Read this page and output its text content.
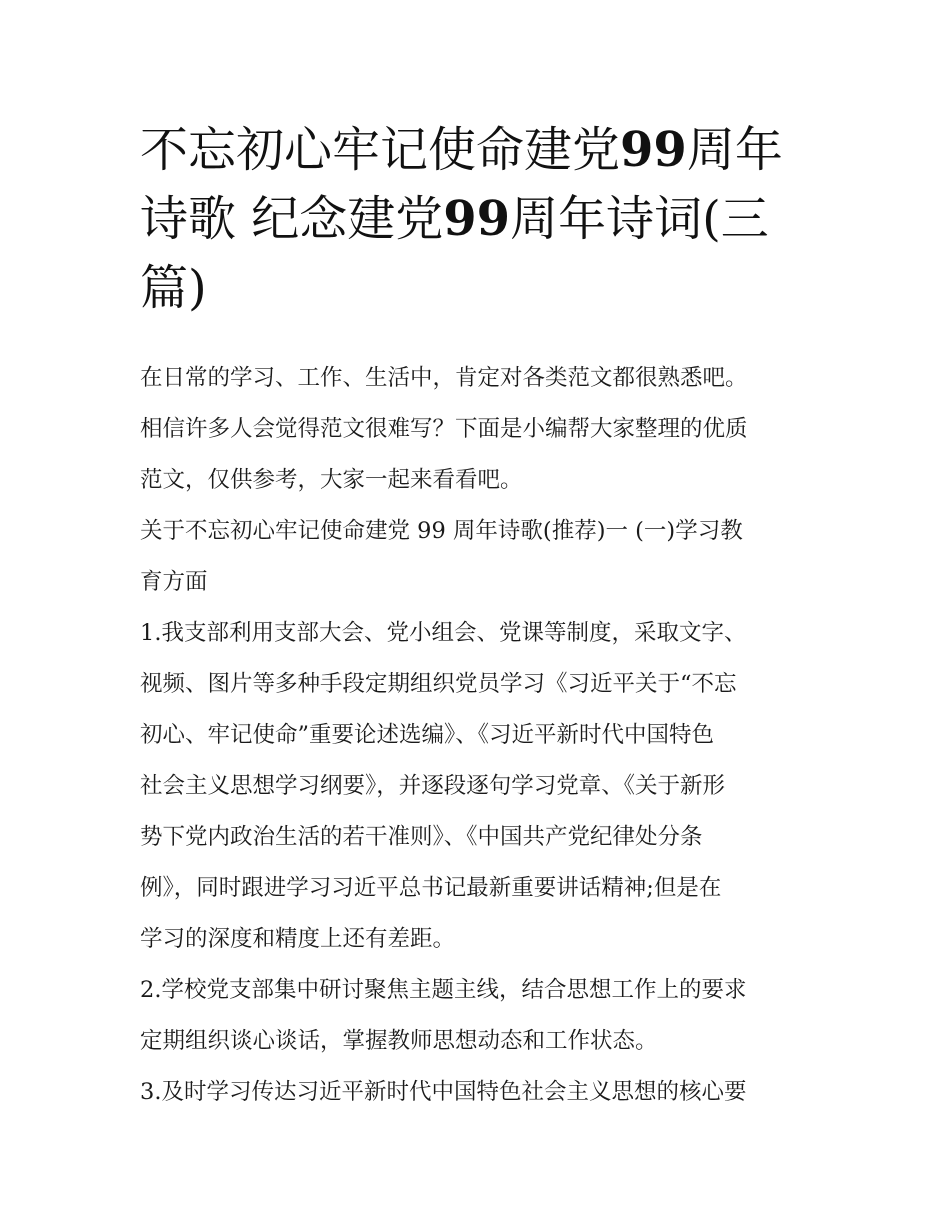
不忘初心牢记使命建党99周年
诗歌 纪念建党99周年诗词(三
篇)

在日常的学习、工作、生活中，肯定对各类范文都很熟悉吧。

相信许多人会觉得范文很难写？下面是小编帮大家整理的优质

范文，仅供参考，大家一起来看看吧。

关于不忘初心牢记使命建党 99 周年诗歌(推荐)一 (一)学习教

育方面

1.我支部利用支部大会、党小组会、党课等制度，采取文字、

视频、图片等多种手段定期组织党员学习《习近平关于“不忘

初心、牢记使命”重要论述选编》、《习近平新时代中国特色

社会主义思想学习纲要》，并逐段逐句学习党章、《关于新形

势下党内政治生活的若干准则》、《中国共产党纪律处分条

例》，同时跟进学习习近平总书记最新重要讲话精神;但是在

学习的深度和精度上还有差距。

2.学校党支部集中研讨聚焦主题主线，结合思想工作上的要求

定期组织谈心谈话，掌握教师思想动态和工作状态。

3.及时学习传达习近平新时代中国特色社会主义思想的核心要
